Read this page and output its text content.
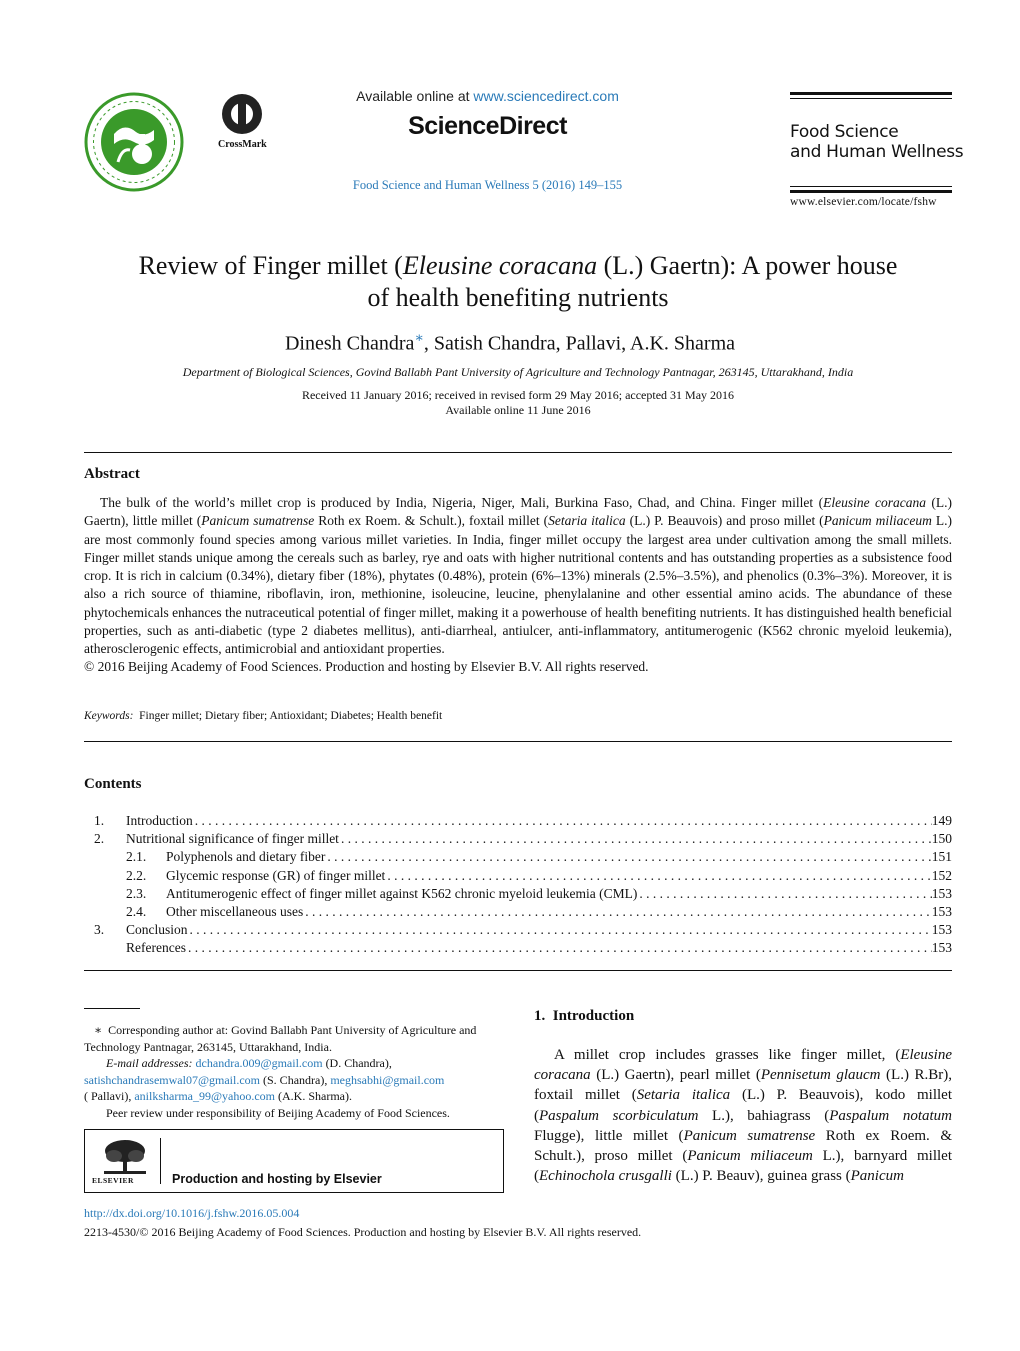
CrossMark
Available online at www.sciencedirect.com
ScienceDirect
Food Science and Human Wellness 5 (2016) 149–155
Food Science
and Human Wellness
www.elsevier.com/locate/fshw
Review of Finger millet (Eleusine coracana (L.) Gaertn): A power house
of health benefiting nutrients
Dinesh Chandra∗, Satish Chandra, Pallavi, A.K. Sharma
Department of Biological Sciences, Govind Ballabh Pant University of Agriculture and Technology Pantnagar, 263145, Uttarakhand, India
Received 11 January 2016; received in revised form 29 May 2016; accepted 31 May 2016
Available online 11 June 2016
Abstract
The bulk of the world’s millet crop is produced by India, Nigeria, Niger, Mali, Burkina Faso, Chad, and China. Finger millet (Eleusine coracana (L.) Gaertn), little millet (Panicum sumatrense Roth ex Roem. & Schult.), foxtail millet (Setaria italica (L.) P. Beauvois) and proso millet (Panicum miliaceum L.) are most commonly found species among various millet varieties. In India, finger millet occupy the largest area under cultivation among the small millets. Finger millet stands unique among the cereals such as barley, rye and oats with higher nutritional contents and has outstanding properties as a subsistence food crop. It is rich in calcium (0.34%), dietary fiber (18%), phytates (0.48%), protein (6%–13%) minerals (2.5%–3.5%), and phenolics (0.3%–3%). Moreover, it is also a rich source of thiamine, riboflavin, iron, methionine, isoleucine, leucine, phenylalanine and other essential amino acids. The abundance of these phytochemicals enhances the nutraceutical potential of finger millet, making it a powerhouse of health benefiting nutrients. It has distinguished health beneficial properties, such as anti-diabetic (type 2 diabetes mellitus), anti-diarrheal, antiulcer, anti-inflammatory, antitumerogenic (K562 chronic myeloid leukemia), atherosclerogenic effects, antimicrobial and antioxidant properties.
© 2016 Beijing Academy of Food Sciences. Production and hosting by Elsevier B.V. All rights reserved.
Keywords: Finger millet; Dietary fiber; Antioxidant; Diabetes; Health benefit
Contents
1.	Introduction . . .	149
2.	Nutritional significance of finger millet . . .	150
2.1.	Polyphenols and dietary fiber . . .	151
2.2.	Glycemic response (GR) of finger millet . . .	152
2.3.	Antitumerogenic effect of finger millet against K562 chronic myeloid leukemia (CML) . . .	153
2.4.	Other miscellaneous uses . . .	153
3.	Conclusion . . .	153
References . . .	153
∗ Corresponding author at: Govind Ballabh Pant University of Agriculture and Technology Pantnagar, 263145, Uttarakhand, India.
E-mail addresses: dchandra.009@gmail.com (D. Chandra), satishchandrasemwal07@gmail.com (S. Chandra), meghsabhi@gmail.com
( Pallavi), anilksharma_99@yahoo.com (A.K. Sharma).
Peer review under responsibility of Beijing Academy of Food Sciences.
ELSEVIER	Production and hosting by Elsevier
http://dx.doi.org/10.1016/j.fshw.2016.05.004
2213-4530/© 2016 Beijing Academy of Food Sciences. Production and hosting by Elsevier B.V. All rights reserved.
1.  Introduction
A millet crop includes grasses like finger millet, (Eleusine coracana (L.) Gaertn), pearl millet (Pennisetum glaucm (L.) R.Br), foxtail millet (Setaria italica (L.) P. Beauvois), kodo millet (Paspalum scorbiculatum L.), bahiagrass (Paspalum notatum Flugge), little millet (Panicum sumatrense Roth ex Roem. & Schult.), proso millet (Panicum miliaceum L.), barnyard millet (Echinochola crusgalli (L.) P. Beauv), guinea grass (Panicum
